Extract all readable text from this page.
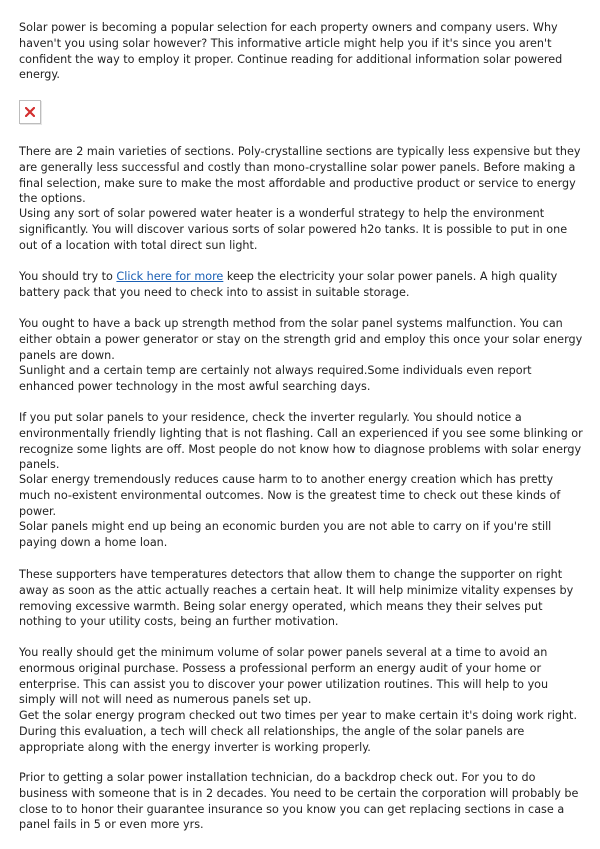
Solar power is becoming a popular selection for each property owners and company users. Why haven't you using solar however? This informative article might help you if it's since you aren't confident the way to employ it proper. Continue reading for additional information solar powered energy.

There are 2 main varieties of sections. Poly-crystalline sections are typically less expensive but they are generally less successful and costly than mono-crystalline solar power panels. Before making a final selection, make sure to make the most affordable and productive product or service to energy the options.

Using any sort of solar powered water heater is a wonderful strategy to help the environment significantly. You will discover various sorts of solar powered h2o tanks. It is possible to put in one out of a location with total direct sun light.

You should try to Click here for more keep the electricity your solar power panels. A high quality battery pack that you need to check into to assist in suitable storage.

You ought to have a back up strength method from the solar panel systems malfunction. You can either obtain a power generator or stay on the strength grid and employ this once your solar energy panels are down.

Sunlight and a certain temp are certainly not always required.Some individuals even report enhanced power technology in the most awful searching days.

If you put solar panels to your residence, check the inverter regularly. You should notice a environmentally friendly lighting that is not flashing. Call an experienced if you see some blinking or recognize some lights are off. Most people do not know how to diagnose problems with solar energy panels.

Solar energy tremendously reduces cause harm to to another energy creation which has pretty much no-existent environmental outcomes. Now is the greatest time to check out these kinds of power.

Solar panels might end up being an economic burden you are not able to carry on if you're still paying down a home loan.

These supporters have temperatures detectors that allow them to change the supporter on right away as soon as the attic actually reaches a certain heat. It will help minimize vitality expenses by removing excessive warmth. Being solar energy operated, which means they their selves put nothing to your utility costs, being an further motivation.

You really should get the minimum volume of solar power panels several at a time to avoid an enormous original purchase. Possess a professional perform an energy audit of your home or enterprise. This can assist you to discover your power utilization routines. This will help to you simply will not will need as numerous panels set up.

Get the solar energy program checked out two times per year to make certain it's doing work right. During this evaluation, a tech will check all relationships, the angle of the solar panels are appropriate along with the energy inverter is working properly.

Prior to getting a solar power installation technician, do a backdrop check out. For you to do business with someone that is in 2 decades. You need to be certain the corporation will probably be close to to honor their guarantee insurance so you know you can get replacing sections in case a panel fails in 5 or even more yrs.
